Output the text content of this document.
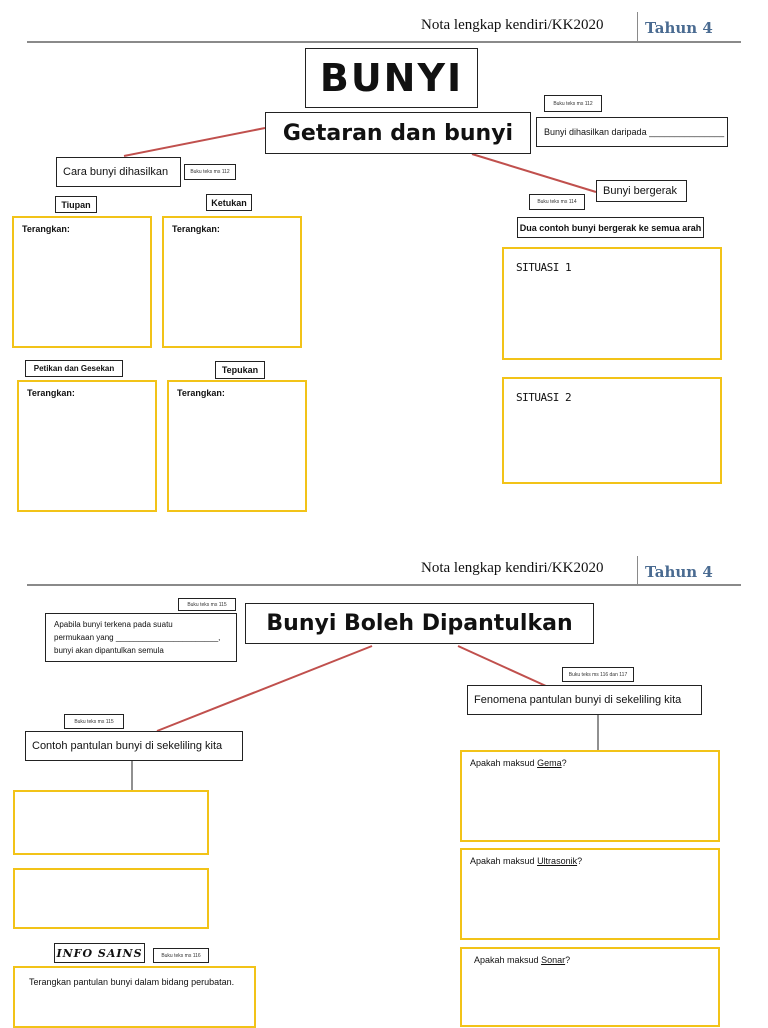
Nota lengkap kendiri/KK2020	Tahun 4
BUNYI
Getaran dan bunyi
Buku teks ms 112
Bunyi dihasilkan daripada _______________
Cara bunyi dihasilkan	Buku teks ms 112
Tiupan	Ketukan
Terangkan:	Terangkan:
Petikan dan Gesekan	Tepukan
Terangkan:	Terangkan:
Bunyi bergerak
Buku teks ms 114
Dua contoh bunyi bergerak ke semua arah
SITUASI 1
SITUASI 2
Nota lengkap kendiri/KK2020	Tahun 4
Bunyi Boleh Dipantulkan
Buku teks ms 115
Apabila bunyi terkena pada suatu
permukaan yang _______________________,
bunyi akan dipantulkan semula
Buku teks ms 116 dan 117
Fenomena pantulan bunyi di sekeliling kita
Buku teks ms 115
Contoh pantulan bunyi di sekeliling kita
Apakah maksud Gema?
Apakah maksud Ultrasonik?
Apakah maksud Sonar?
INFO SAINS	Buku teks ms 116
Terangkan pantulan bunyi dalam bidang perubatan.
